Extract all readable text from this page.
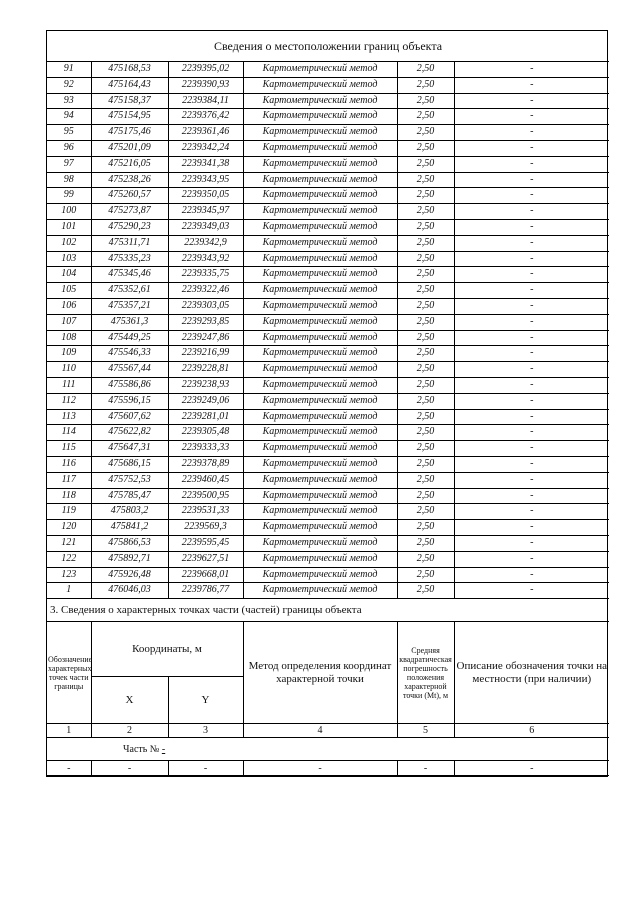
Сведения о местоположении границ объекта					
91	475168,53	2239395,02	Картометрический метод	2,50	-
92	475164,43	2239390,93	Картометрический метод	2,50	-
93	475158,37	2239384,11	Картометрический метод	2,50	-
94	475154,95	2239376,42	Картометрический метод	2,50	-
95	475175,46	2239361,46	Картометрический метод	2,50	-
96	475201,09	2239342,24	Картометрический метод	2,50	-
97	475216,05	2239341,38	Картометрический метод	2,50	-
98	475238,26	2239343,95	Картометрический метод	2,50	-
99	475260,57	2239350,05	Картометрический метод	2,50	-
100	475273,87	2239345,97	Картометрический метод	2,50	-
101	475290,23	2239349,03	Картометрический метод	2,50	-
102	475311,71	2239342,9	Картометрический метод	2,50	-
103	475335,23	2239343,92	Картометрический метод	2,50	-
104	475345,46	2239335,75	Картометрический метод	2,50	-
105	475352,61	2239322,46	Картометрический метод	2,50	-
106	475357,21	2239303,05	Картометрический метод	2,50	-
107	475361,3	2239293,85	Картометрический метод	2,50	-
108	475449,25	2239247,86	Картометрический метод	2,50	-
109	475546,33	2239216,99	Картометрический метод	2,50	-
110	475567,44	2239228,81	Картометрический метод	2,50	-
111	475586,86	2239238,93	Картометрический метод	2,50	-
112	475596,15	2239249,06	Картометрический метод	2,50	-
113	475607,62	2239281,01	Картометрический метод	2,50	-
114	475622,82	2239305,48	Картометрический метод	2,50	-
115	475647,31	2239333,33	Картометрический метод	2,50	-
116	475686,15	2239378,89	Картометрический метод	2,50	-
117	475752,53	2239460,45	Картометрический метод	2,50	-
118	475785,47	2239500,95	Картометрический метод	2,50	-
119	475803,2	2239531,33	Картометрический метод	2,50	-
120	475841,2	2239569,3	Картометрический метод	2,50	-
121	475866,53	2239595,45	Картометрический метод	2,50	-
122	475892,71	2239627,51	Картометрический метод	2,50	-
123	475926,48	2239668,01	Картометрический метод	2,50	-
1	476046,03	2239786,77	Картометрический метод	2,50	-
3. Сведения о характерных точках части (частей) границы объекта					
Обозначение характерных точек части границы	Координаты, м		Метод определения координат характерной точки	Средняя квадратическая погрешность положения характерной точки (Mt), м	Описание обозначения точки на местности (при наличии)
	X	Y			
1	2	3	4	5	6
Часть № -					
-	-	-	-	-	-
